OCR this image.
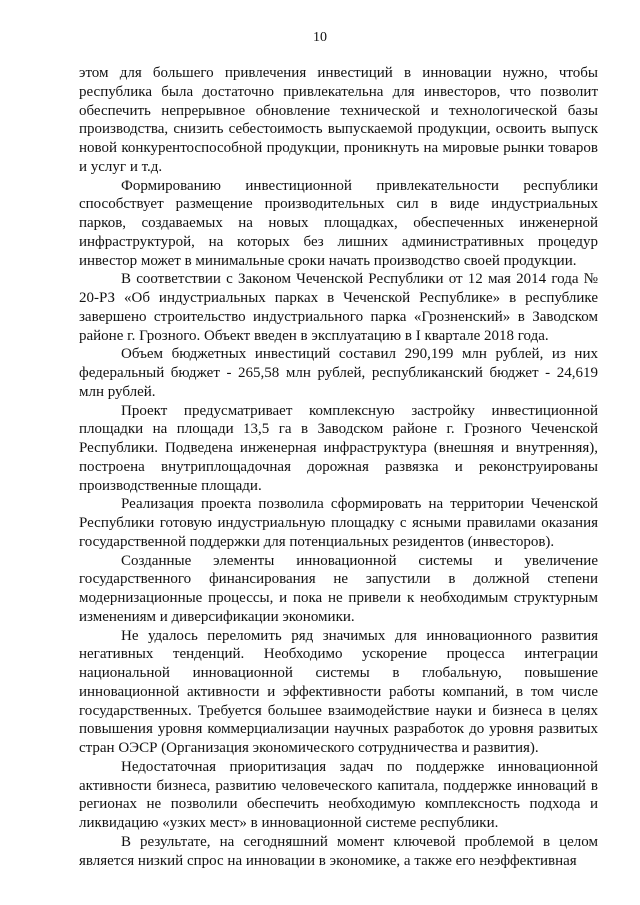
10

этом для большего привлечения инвестиций в инновации нужно, чтобы республика была достаточно привлекательна для инвесторов, что позволит обеспечить непрерывное обновление технической и технологической базы производства, снизить себестоимость выпускаемой продукции, освоить выпуск новой конкурентоспособной продукции, проникнуть на мировые рынки товаров и услуг и т.д.

Формированию инвестиционной привлекательности республики способствует размещение производительных сил в виде индустриальных парков, создаваемых на новых площадках, обеспеченных инженерной инфраструктурой, на которых без лишних административных процедур инвестор может в минимальные сроки начать производство своей продукции.

В соответствии с Законом Чеченской Республики от 12 мая 2014 года № 20-РЗ «Об индустриальных парках в Чеченской Республике» в республике завершено строительство индустриального парка «Грозненский» в Заводском районе г. Грозного. Объект введен в эксплуатацию в I квартале 2018 года.

Объем бюджетных инвестиций составил 290,199 млн рублей, из них федеральный бюджет - 265,58 млн рублей, республиканский бюджет - 24,619 млн рублей.

Проект предусматривает комплексную застройку инвестиционной площадки на площади 13,5 га в Заводском районе г. Грозного Чеченской Республики. Подведена инженерная инфраструктура (внешняя и внутренняя), построена внутриплощадочная дорожная развязка и реконструированы производственные площади.

Реализация проекта позволила сформировать на территории Чеченской Республики готовую индустриальную площадку с ясными правилами оказания государственной поддержки для потенциальных резидентов (инвесторов).

Созданные элементы инновационной системы и увеличение государственного финансирования не запустили в должной степени модернизационные процессы, и пока не привели к необходимым структурным изменениям и диверсификации экономики.

Не удалось переломить ряд значимых для инновационного развития негативных тенденций. Необходимо ускорение процесса интеграции национальной инновационной системы в глобальную, повышение инновационной активности и эффективности работы компаний, в том числе государственных. Требуется большее взаимодействие науки и бизнеса в целях повышения уровня коммерциализации научных разработок до уровня развитых стран ОЭСР (Организация экономического сотрудничества и развития).

Недостаточная приоритизация задач по поддержке инновационной активности бизнеса, развитию человеческого капитала, поддержке инноваций в регионах не позволили обеспечить необходимую комплексность подхода и ликвидацию «узких мест» в инновационной системе республики.

В результате, на сегодняшний момент ключевой проблемой в целом является низкий спрос на инновации в экономике, а также его неэффективная
